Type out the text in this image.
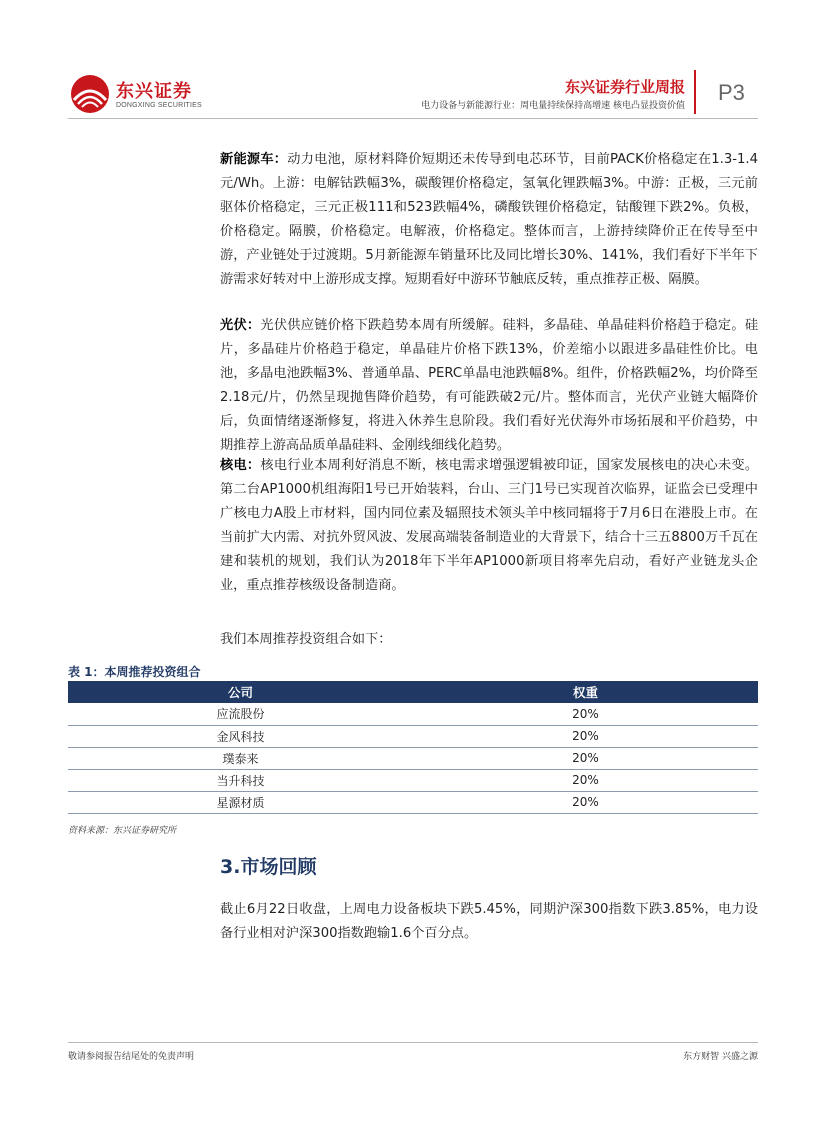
东兴证券
DONGXING SECURITIES
东兴证券行业周报
电力设备与新能源行业：周电量持续保持高增速 核电凸显投资价值
P3

新能源车：动力电池，原材料降价短期还未传导到电芯环节，目前PACK价格稳定在1.3-1.4元/Wh。上游：电解钴跌幅3%，碳酸锂价格稳定，氢氧化锂跌幅3%。中游：正极，三元前驱体价格稳定，三元正极111和523跌幅4%，磷酸铁锂价格稳定，钴酸锂下跌2%。负极，价格稳定。隔膜，价格稳定。电解液，价格稳定。整体而言，上游持续降价正在传导至中游，产业链处于过渡期。5月新能源车销量环比及同比增长30%、141%，我们看好下半年下游需求好转对中上游形成支撑。短期看好中游环节触底反转，重点推荐正极、隔膜。

光伏：光伏供应链价格下跌趋势本周有所缓解。硅料，多晶硅、单晶硅料价格趋于稳定。硅片，多晶硅片价格趋于稳定，单晶硅片价格下跌13%，价差缩小以跟进多晶硅性价比。电池，多晶电池跌幅3%、普通单晶、PERC单晶电池跌幅8%。组件，价格跌幅2%，均价降至2.18元/片，仍然呈现抛售降价趋势，有可能跌破2元/片。整体而言，光伏产业链大幅降价后，负面情绪逐渐修复，将进入休养生息阶段。我们看好光伏海外市场拓展和平价趋势，中期推荐上游高品质单晶硅料、金刚线细线化趋势。

核电：核电行业本周利好消息不断，核电需求增强逻辑被印证，国家发展核电的决心未变。第二台AP1000机组海阳1号已开始装料，台山、三门1号已实现首次临界，证监会已受理中广核电力A股上市材料，国内同位素及辐照技术领头羊中核同辐将于7月6日在港股上市。在当前扩大内需、对抗外贸风波、发展高端装备制造业的大背景下，结合十三五8800万千瓦在建和装机的规划，我们认为2018年下半年AP1000新项目将率先启动，看好产业链龙头企业，重点推荐核级设备制造商。

我们本周推荐投资组合如下：

表 1：本周推荐投资组合
公司	权重
应流股份	20%
金风科技	20%
璞泰来	20%
当升科技	20%
星源材质	20%
资料来源：东兴证券研究所
3.市场回顾

截止6月22日收盘，上周电力设备板块下跌5.45%，同期沪深300指数下跌3.85%，电力设备行业相对沪深300指数跑输1.6个百分点。

敬请参阅报告结尾处的免责声明	东方财智 兴盛之源
